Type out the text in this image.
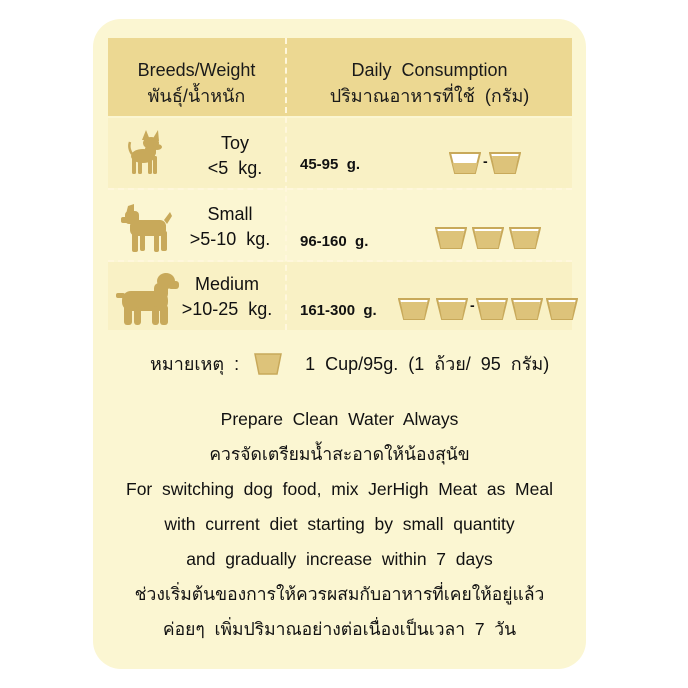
Breeds/Weight
พันธุ์/น้ำหนัก
Daily  Consumption
ปริมาณอาหารที่ใช้  (กรัม)
Toy
<5  kg.	45-95  g.	-
Small
>5-10  kg.	96-160  g.
Medium
>10-25  kg.	161-300  g.	-
หมายเหตุ  :	1  Cup/95g.  (1  ถ้วย/  95  กรัม)
Prepare  Clean  Water  Always
ควรจัดเตรียมน้ำสะอาดให้น้องสุนัข
For  switching  dog  food,  mix  JerHigh  Meat  as  Meal
with  current  diet  starting  by  small  quantity
and  gradually  increase  within  7  days
ช่วงเริ่มต้นของการให้ควรผสมกับอาหารที่เคยให้อยู่แล้ว
ค่อยๆ  เพิ่มปริมาณอย่างต่อเนื่องเป็นเวลา  7  วัน
